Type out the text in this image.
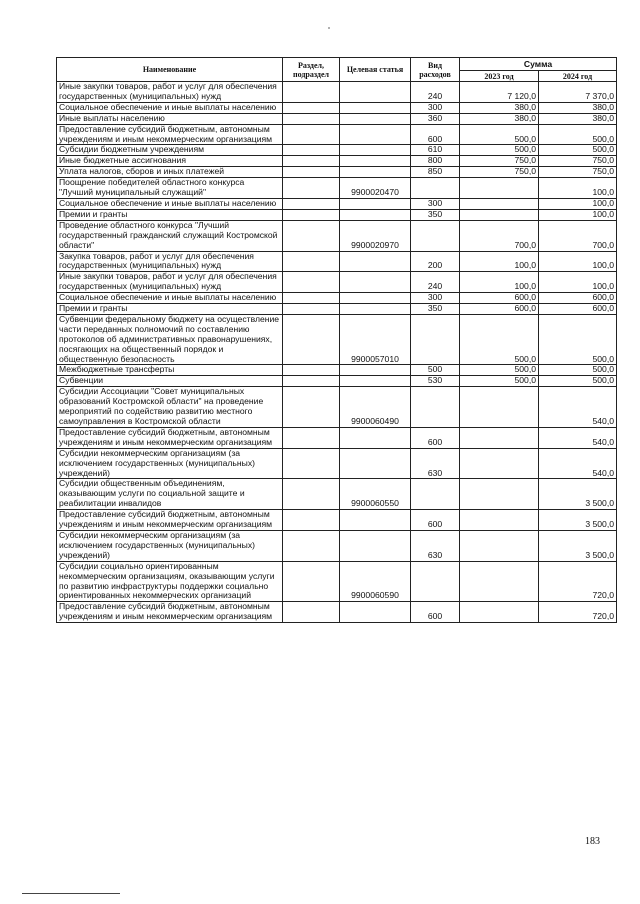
Наименование	Раздел, подраздел	Целевая статья	Вид расходов	Сумма	
				2023 год	2024 год
Иные закупки товаров, работ и услуг для обеспечения государственных (муниципальных) нужд			240	7 120,0	7 370,0
Социальное обеспечение и иные выплаты населению			300	380,0	380,0
Иные выплаты населению			360	380,0	380,0
Предоставление субсидий бюджетным, автономным учреждениям и иным некоммерческим организациям			600	500,0	500,0
Субсидии бюджетным учреждениям			610	500,0	500,0
Иные бюджетные ассигнования			800	750,0	750,0
Уплата налогов, сборов и иных платежей			850	750,0	750,0
Поощрение победителей областного конкурса "Лучший муниципальный служащий"		9900020470			100,0
Социальное обеспечение и иные выплаты населению			300		100,0
Премии и гранты			350		100,0
Проведение областного конкурса "Лучший государственный гражданский служащий Костромской области"		9900020970		700,0	700,0
Закупка товаров, работ и услуг для обеспечения государственных (муниципальных) нужд			200	100,0	100,0
Иные закупки товаров, работ и услуг для обеспечения государственных (муниципальных) нужд			240	100,0	100,0
Социальное обеспечение и иные выплаты населению			300	600,0	600,0
Премии и гранты			350	600,0	600,0
Субвенции федеральному бюджету на осуществление части переданных полномочий по составлению протоколов об административных правонарушениях, посягающих на общественный порядок и общественную безопасность		9900057010		500,0	500,0
Межбюджетные трансферты			500	500,0	500,0
Субвенции			530	500,0	500,0
Субсидии Ассоциации "Совет муниципальных образований Костромской области" на проведение мероприятий по содействию развитию местного самоуправления в Костромской области		9900060490			540,0
Предоставление субсидий бюджетным, автономным учреждениям и иным некоммерческим организациям			600		540,0
Субсидии некоммерческим организациям (за исключением государственных (муниципальных) учреждений)			630		540,0
Субсидии общественным объединениям, оказывающим услуги по социальной защите и реабилитации инвалидов		9900060550			3 500,0
Предоставление субсидий бюджетным, автономным учреждениям и иным некоммерческим организациям			600		3 500,0
Субсидии некоммерческим организациям (за исключением государственных (муниципальных) учреждений)			630		3 500,0
Субсидии социально ориентированным некоммерческим организациям, оказывающим услуги по развитию инфраструктуры поддержки социально ориентированных некоммерческих организаций		9900060590			720,0
Предоставление субсидий бюджетным, автономным учреждениям и иным некоммерческим организациям			600		720,0
183
